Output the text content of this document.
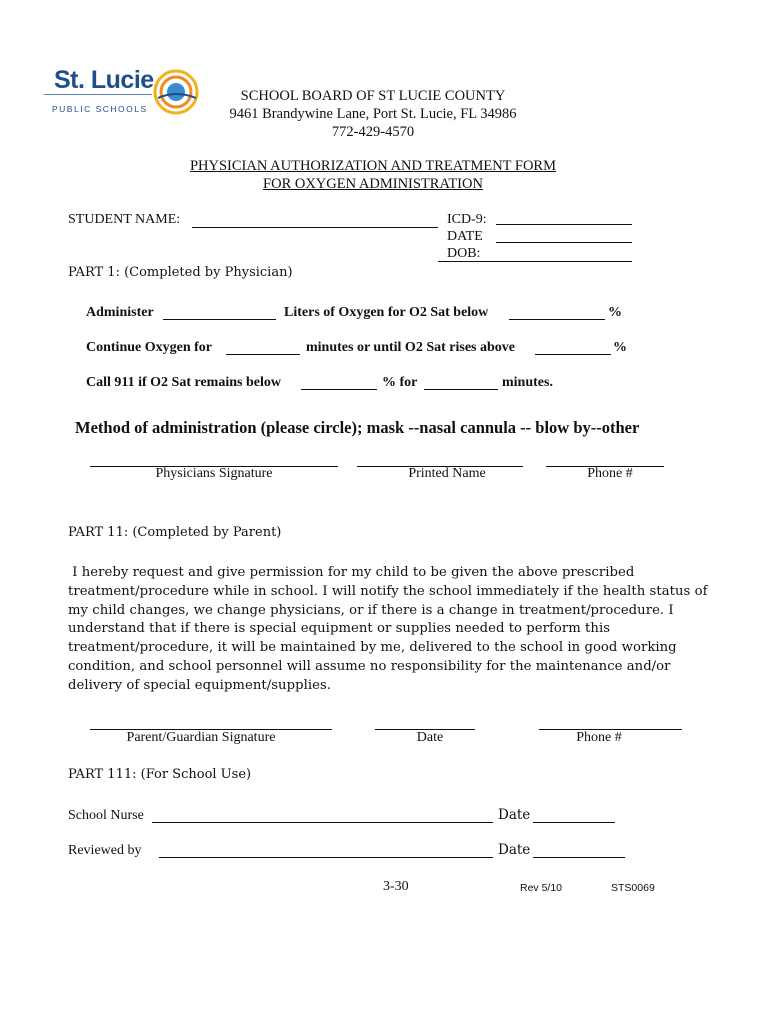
St. Lucie
PUBLIC SCHOOLS
SCHOOL BOARD OF ST LUCIE COUNTY
9461 Brandywine Lane, Port St. Lucie, FL 34986
772-429-4570
PHYSICIAN AUTHORIZATION AND TREATMENT FORM
FOR OXYGEN ADMINISTRATION
STUDENT NAME:	ICD-9:
DATE
DOB:
PART 1: (Completed by Physician)
Administer	Liters of Oxygen for O2 Sat below	%
Continue Oxygen for	minutes or until O2 Sat rises above	%
Call 911 if O2 Sat remains below	% for	minutes.
Method of administration (please circle); mask --nasal cannula -- blow by--other
Physicians Signature	Printed Name	Phone #
PART 11: (Completed by Parent)
I hereby request and give permission for my child to be given the above prescribed
treatment/procedure while in school. I will notify the school immediately if the health status of
my child changes, we change physicians, or if there is a change in treatment/procedure. I
understand that if there is special equipment or supplies needed to perform this
treatment/procedure, it will be maintained by me, delivered to the school in good working
condition, and school personnel will assume no responsibility for the maintenance and/or
delivery of special equipment/supplies.
Parent/Guardian Signature	Date	Phone #
PART 111: (For School Use)
School Nurse	Date
Reviewed by	Date
3-30	Rev 5/10	STS0069
